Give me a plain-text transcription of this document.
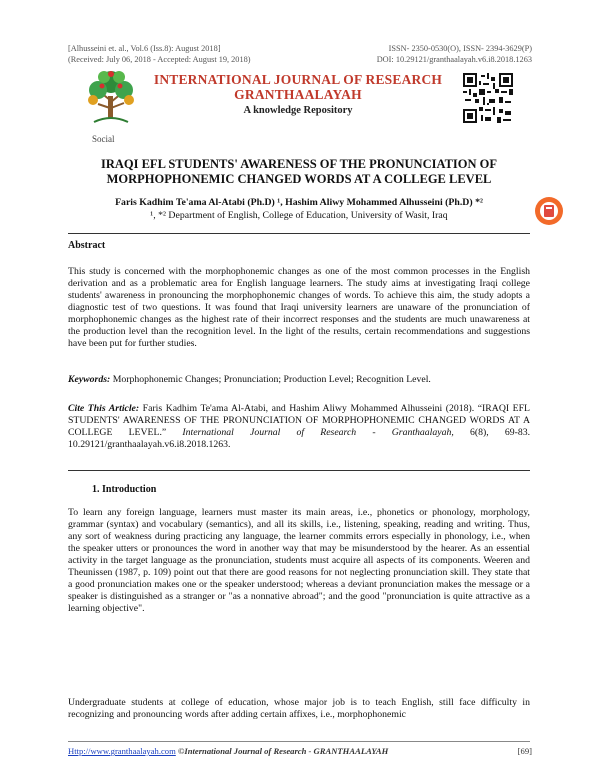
[Alhusseini et. al., Vol.6 (Iss.8): August 2018]
(Received: July 06, 2018 - Accepted: August 19, 2018)
ISSN- 2350-0530(O), ISSN- 2394-3629(P)
DOI: 10.29121/granthaalayah.v6.i8.2018.1263
Social
INTERNATIONAL JOURNAL OF RESEARCH
GRANTHAALAYAH
A knowledge Repository
IRAQI EFL STUDENTS' AWARENESS OF THE PRONUNCIATION OF
MORPHOPHONEMIC CHANGED WORDS AT A COLLEGE LEVEL
Faris Kadhim Te'ama Al-Atabi (Ph.D) ¹, Hashim Aliwy Mohammed Alhusseini (Ph.D) *²
¹, *² Department of English, College of Education, University of Wasit, Iraq
Abstract
This study is concerned with the morphophonemic changes as one of the most common processes in the English derivation and as a problematic area for English language learners. The study aims at investigating Iraqi college students' awareness in pronouncing the morphophonemic changes of words. To achieve this aim, the study adopts a diagnostic test of two questions. It was found that Iraqi university learners are unaware of the pronunciation of morphophonemic changes as the highest rate of their incorrect responses and the students are much unawareness at the production level than the recognition level. In the light of the results, certain recommendations and suggestions have been put for further studies.
Keywords: Morphophonemic Changes; Pronunciation; Production Level; Recognition Level.
Cite This Article: Faris Kadhim Te'ama Al-Atabi, and Hashim Aliwy Mohammed Alhusseini (2018). “IRAQI EFL STUDENTS' AWARENESS OF THE PRONUNCIATION OF MORPHOPHONEMIC CHANGED WORDS AT A COLLEGE LEVEL.” International Journal of Research - Granthaalayah, 6(8), 69-83. 10.29121/granthaalayah.v6.i8.2018.1263.
1. Introduction
To learn any foreign language, learners must master its main areas, i.e., phonetics or phonology, morphology, grammar (syntax) and vocabulary (semantics), and all its skills, i.e., listening, speaking, reading and writing. Thus, any sort of weakness during practicing any language, the learner commits errors especially in phonology, i.e., when the speaker utters or pronounces the word in another way that may be misunderstood by the hearer. As an essential activity in the target language as the pronunciation, students must acquire all aspects of its components. Weeren and Theunissen (1987, p. 109) point out that there are good reasons for not neglecting pronunciation skill. They state that a good pronunciation makes one or the speaker understood; whereas a deviant pronunciation makes the message or a speaker is distinguished as a stranger or "as a nonnative abroad"; and the good "pronunciation is quite attractive as a learning objective".
Undergraduate students at college of education, whose major job is to teach English, still face difficulty in recognizing and pronouncing words after adding certain affixes, i.e., morphophonemic
Http://www.granthaalayah.com ©International Journal of Research - GRANTHAALAYAH	[69]
